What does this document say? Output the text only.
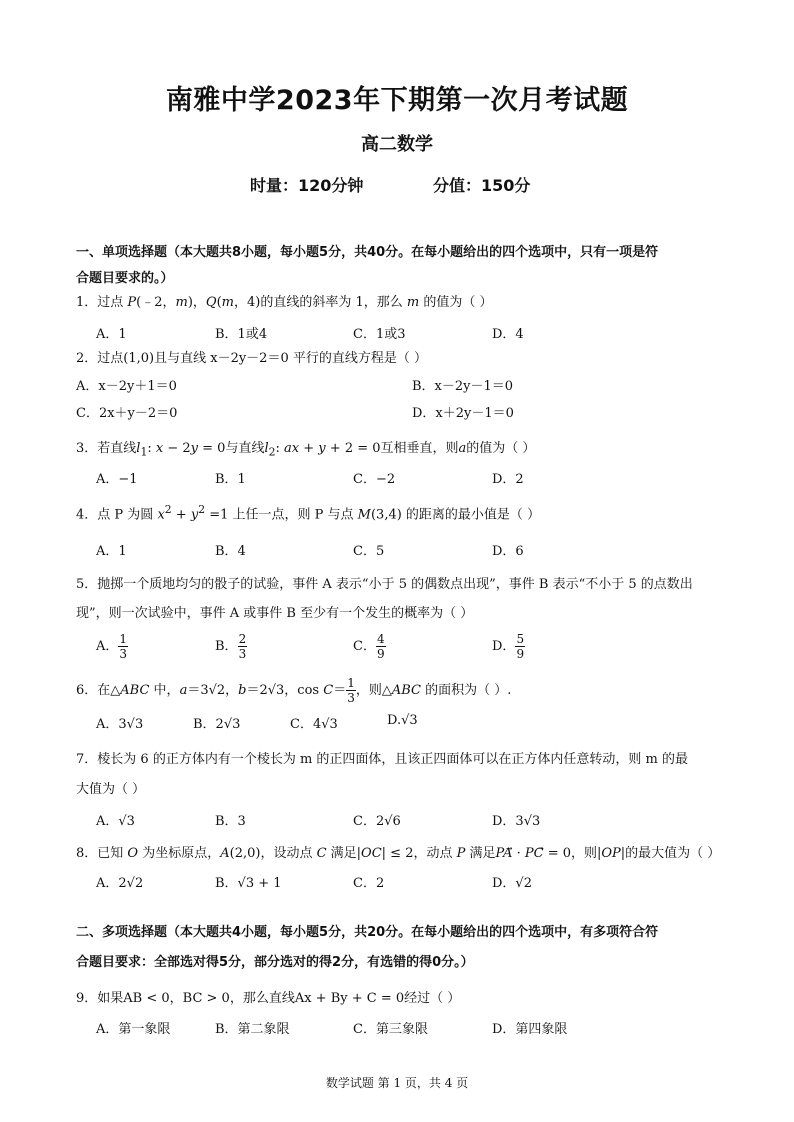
南雅中学2023年下期第一次月考试题
高二数学
时量：120分钟	分值：150分
一、单项选择题（本大题共8小题，每小题5分，共40分。在每小题给出的四个选项中，只有一项是符
合题目要求的。）
1．过点 P(﹣2，m)，Q(m，4)的直线的斜率为 1，那么 m 的值为（ ）
A．1	B．1或4	C．1或3	D．4
2．过点(1,0)且与直线 x－2y－2＝0 平行的直线方程是（ ）
A．x－2y＋1＝0	B．x－2y－1＝0
C．2x＋y－2＝0	D．x＋2y－1＝0
3．若直线$l_1$: x − 2y = 0与直线$l_2$: ax + y + 2 = 0互相垂直，则a的值为（ ）
A．−1	B．1	C．−2	D．2
4．点 P 为圆 $x^2 + y^2 =1$ 上任一点，则 P 与点 M(3,4) 的距离的最小值是（ ）
A．1	B．4	C．5	D．6
5．抛掷一个质地均匀的骰子的试验，事件 A 表示“小于 5 的偶数点出现”，事件 B 表示“不小于 5 的点数出
现”，则一次试验中，事件 A 或事件 B 至少有一个发生的概率为（ ）
A． $\frac{1}{3}$	B． $\frac{2}{3}$	C． $\frac{4}{9}$	D． $\frac{5}{9}$
6．在△ABC 中，a＝3√2，b＝2√3，$\cos C= \frac{1}{3}$ ，则△ABC 的面积为（ ）.
A．3√3	B．2√3	C．4√3	D.√3
7．棱长为 6 的正方体内有一个棱长为 m 的正四面体，且该正四面体可以在正方体内任意转动，则 m 的最
大值为（ ）
A．√3	B．3	C．2√6	D．3√3
8．已知 O 为坐标原点，A(2,0)，设动点 C 满足|OC| ≤ 2，动点 P 满足PA⃗ · PC⃗ = 0，则|OP|的最大值为（ ）
A．2√2	B．√3 + 1	C．2	D．√2
二、多项选择题（本大题共4小题，每小题5分，共20分。在每小题给出的四个选项中，有多项符合符
合题目要求：全部选对得5分，部分选对的得2分，有选错的得0分。）
9．如果AB < 0，BC > 0，那么直线Ax + By + C = 0经过（ ）
A．第一象限	B．第二象限	C．第三象限	D．第四象限
数学试题 第 1 页，共 4 页
